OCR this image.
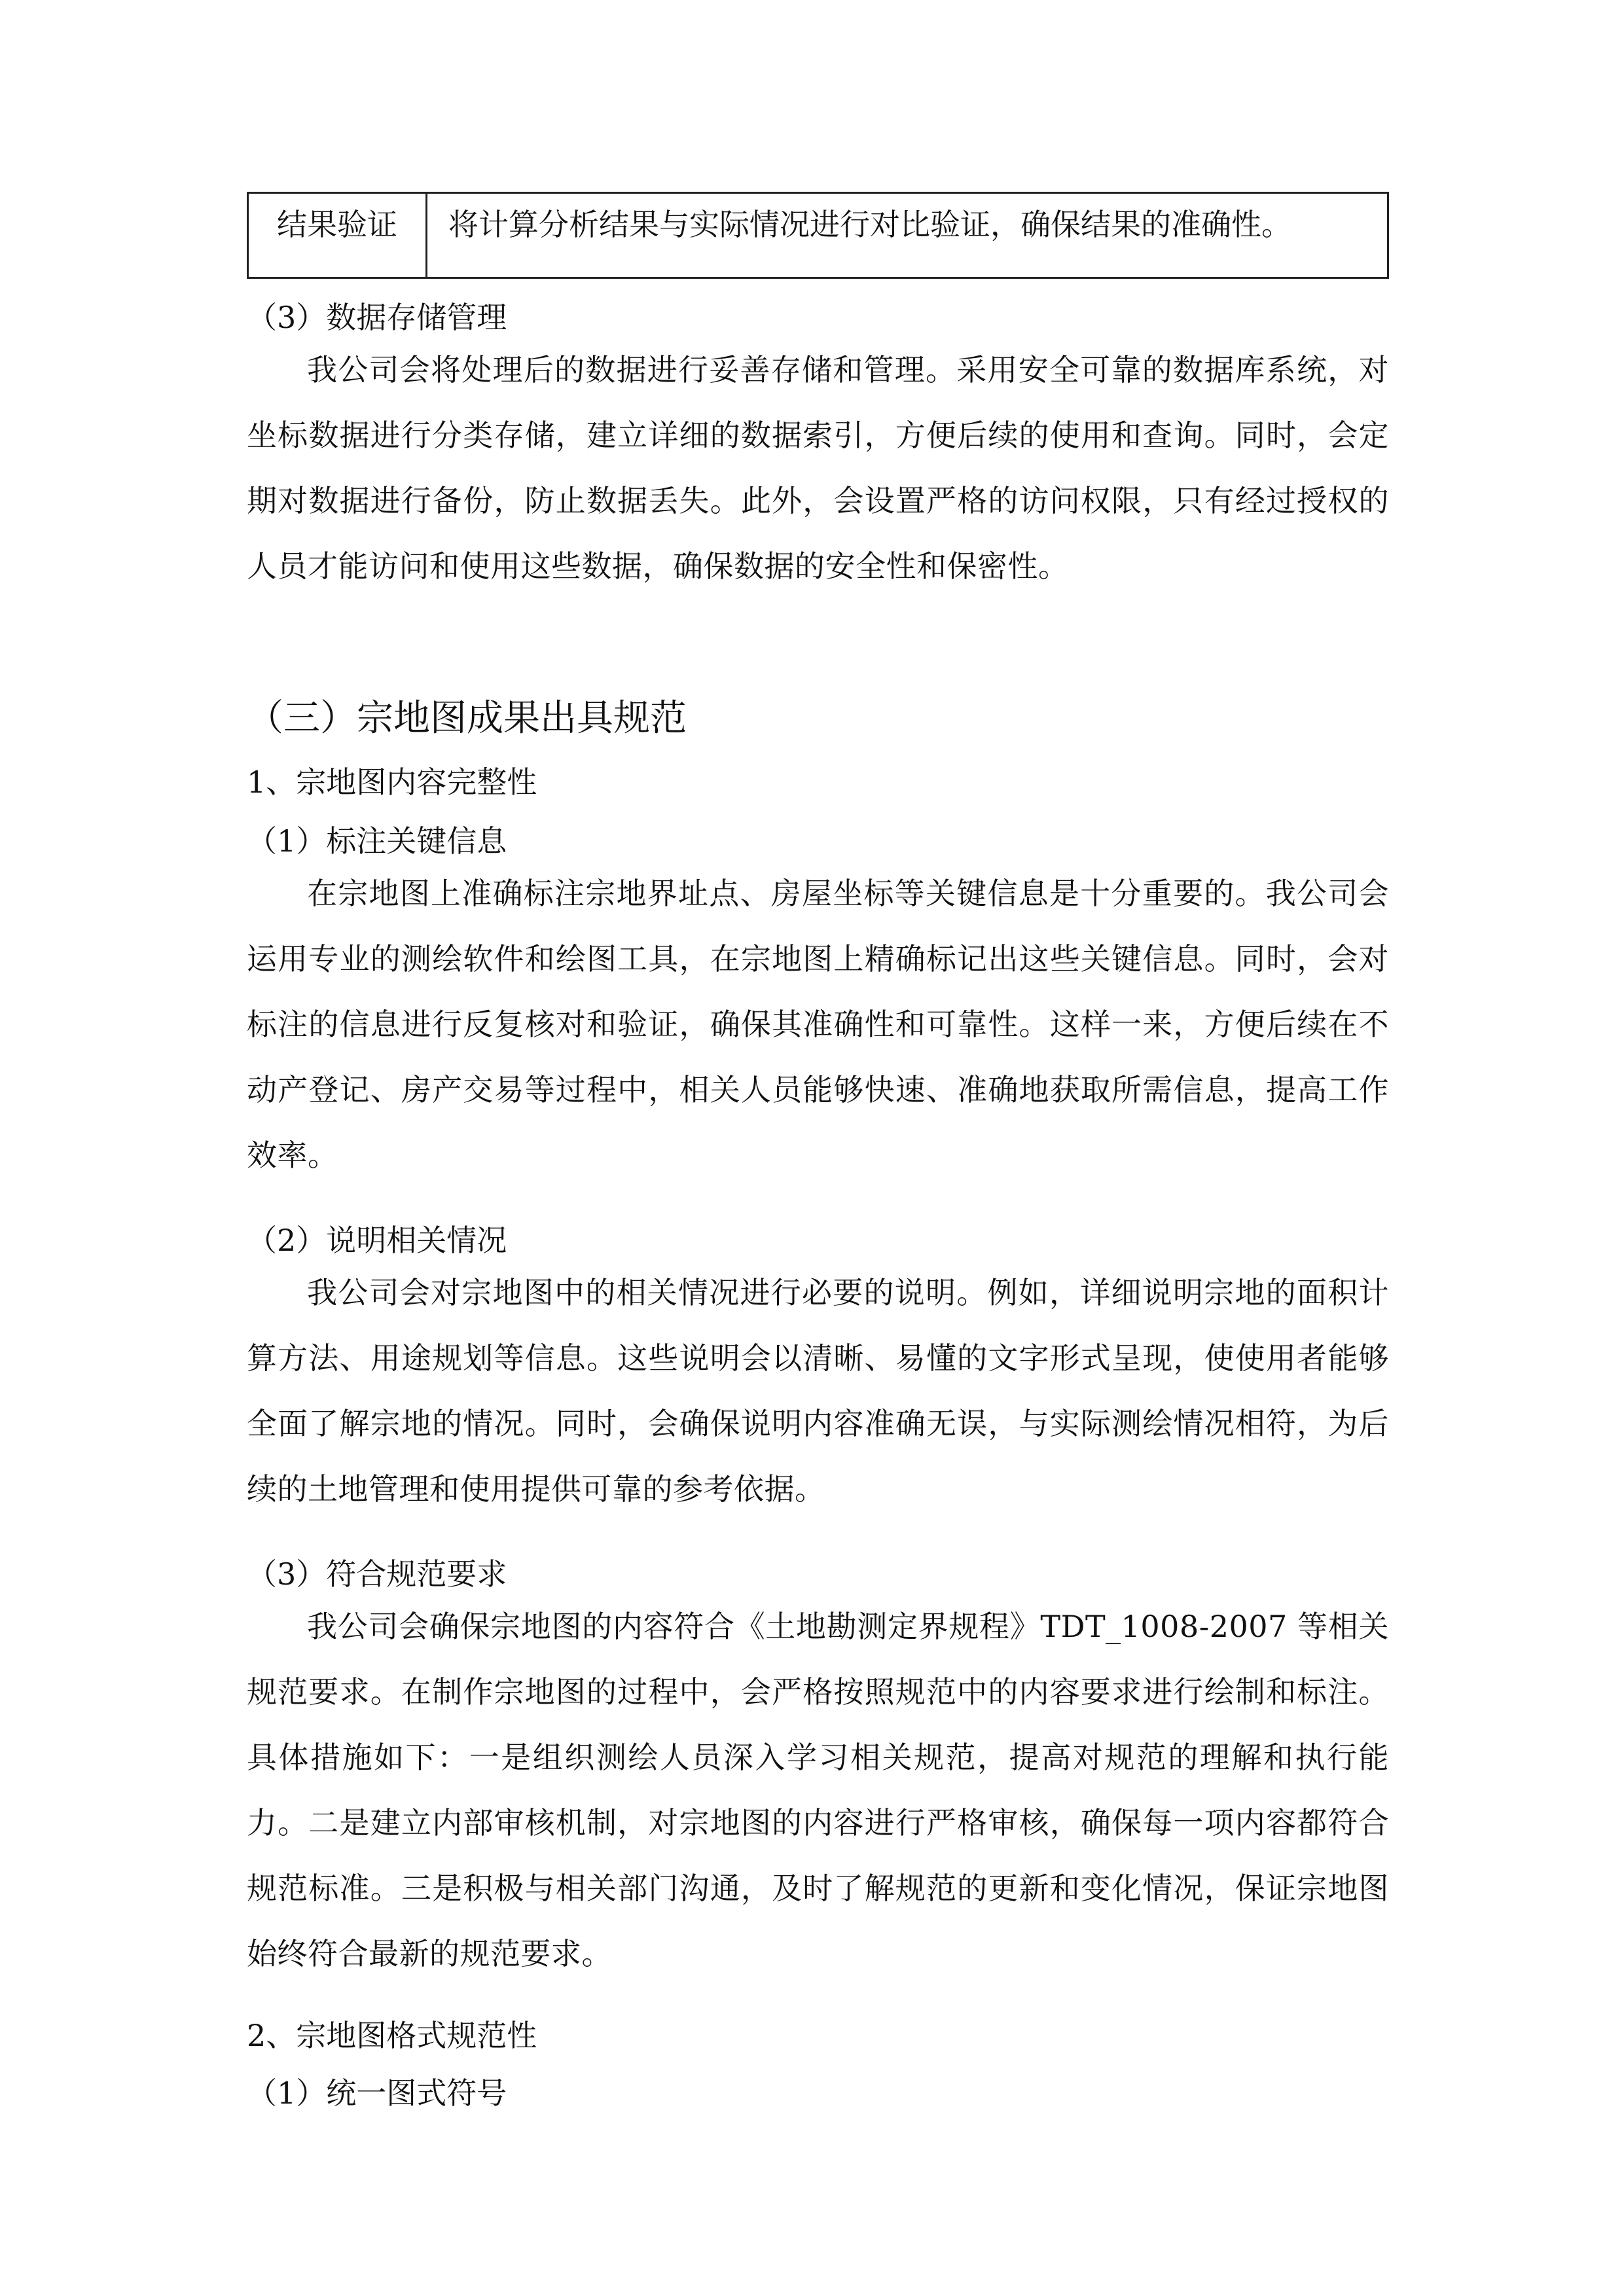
结果验证	将计算分析结果与实际情况进行对比验证，确保结果的准确性。
（3）数据存储管理
我公司会将处理后的数据进行妥善存储和管理。采用安全可靠的数据库系统，对坐标数据进行分类存储，建立详细的数据索引，方便后续的使用和查询。同时，会定期对数据进行备份，防止数据丢失。此外，会设置严格的访问权限，只有经过授权的人员才能访问和使用这些数据，确保数据的安全性和保密性。
（三）宗地图成果出具规范
1、宗地图内容完整性
（1）标注关键信息
在宗地图上准确标注宗地界址点、房屋坐标等关键信息是十分重要的。我公司会运用专业的测绘软件和绘图工具，在宗地图上精确标记出这些关键信息。同时，会对标注的信息进行反复核对和验证，确保其准确性和可靠性。这样一来，方便后续在不动产登记、房产交易等过程中，相关人员能够快速、准确地获取所需信息，提高工作效率。
（2）说明相关情况
我公司会对宗地图中的相关情况进行必要的说明。例如，详细说明宗地的面积计算方法、用途规划等信息。这些说明会以清晰、易懂的文字形式呈现，使使用者能够全面了解宗地的情况。同时，会确保说明内容准确无误，与实际测绘情况相符，为后续的土地管理和使用提供可靠的参考依据。
（3）符合规范要求
我公司会确保宗地图的内容符合《土地勘测定界规程》TDT_1008-2007 等相关规范要求。在制作宗地图的过程中，会严格按照规范中的内容要求进行绘制和标注。具体措施如下：一是组织测绘人员深入学习相关规范，提高对规范的理解和执行能力。二是建立内部审核机制，对宗地图的内容进行严格审核，确保每一项内容都符合规范标准。三是积极与相关部门沟通，及时了解规范的更新和变化情况，保证宗地图始终符合最新的规范要求。
2、宗地图格式规范性
（1）统一图式符号
